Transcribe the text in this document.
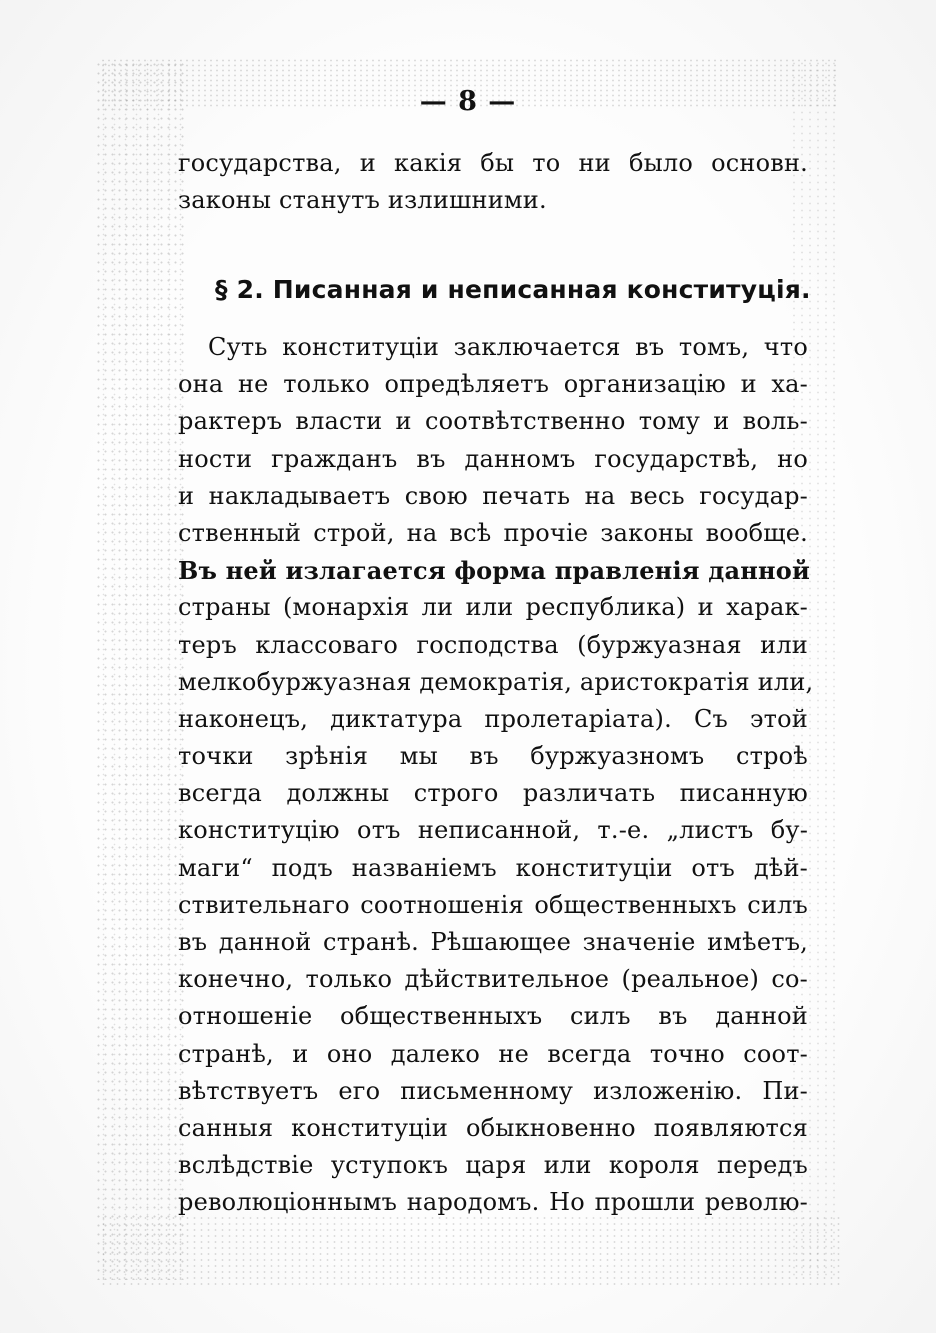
— 8 —
государства, и какія бы то ни было основн.
законы станутъ излишними.
§ 2. Писанная и неписанная конституція.
Суть конституціи заключается въ томъ, что
она не только опредѣляетъ организацію и ха-
рактеръ власти и соотвѣтственно тому и воль-
ности гражданъ въ данномъ государствѣ, но
и накладываетъ свою печать на весь государ-
ственный строй, на всѣ прочіе законы вообще.
Въ ней излагается форма правленія данной
страны (монархія ли или республика) и харак-
теръ классоваго господства (буржуазная или
мелкобуржуазная демократія, аристократія или,
наконецъ, диктатура пролетаріата). Съ этой
точки зрѣнія мы въ буржуазномъ строѣ
всегда должны строго различать писанную
конституцію отъ неписанной, т.-е. „листъ бу-
маги“ подъ названіемъ конституціи отъ дѣй-
ствительнаго соотношенія общественныхъ силъ
въ данной странѣ. Рѣшающее значеніе имѣетъ,
конечно, только дѣйствительное (реальное) со-
отношеніе общественныхъ силъ въ данной
странѣ, и оно далеко не всегда точно соот-
вѣтствуетъ его письменному изложенію. Пи-
санныя конституціи обыкновенно появляются
вслѣдствіе уступокъ царя или короля передъ
революціоннымъ народомъ. Но прошли револю-
